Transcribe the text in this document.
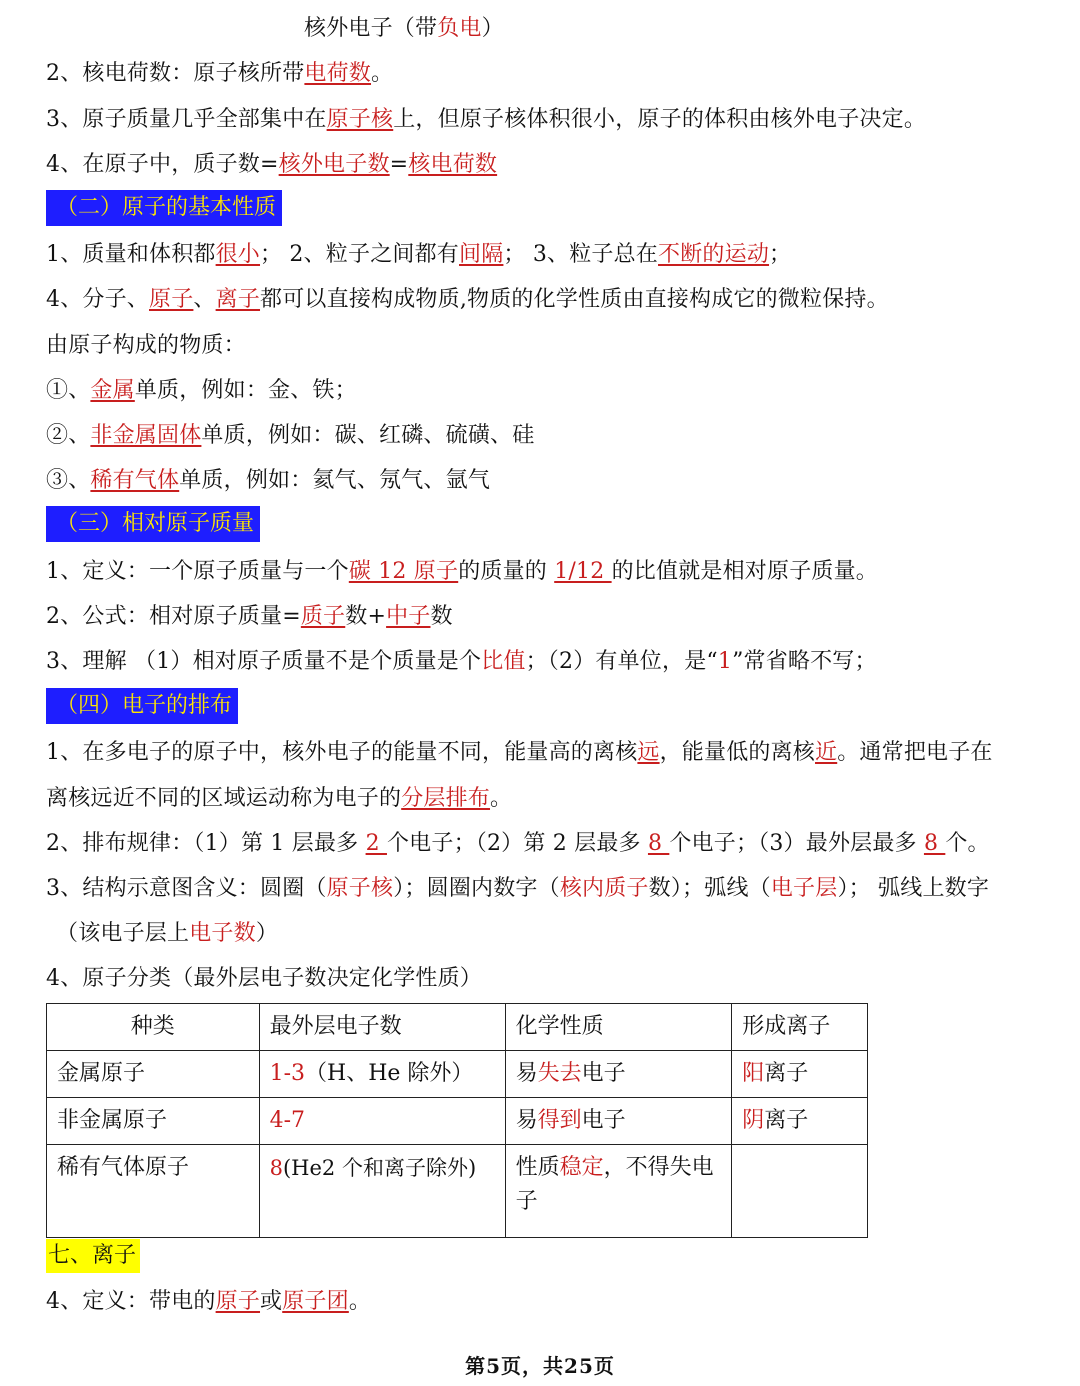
核外电子（带负电）
2、核电荷数：原子核所带电荷数。
3、原子质量几乎全部集中在原子核上，但原子核体积很小，原子的体积由核外电子决定。
4、在原子中，质子数=核外电子数=核电荷数
（二）原子的基本性质
1、质量和体积都很小； 2、粒子之间都有间隔； 3、粒子总在不断的运动；
4、分子、原子、离子都可以直接构成物质,物质的化学性质由直接构成它的微粒保持。
由原子构成的物质：
①、金属单质，例如：金、铁；
②、非金属固体单质，例如：碳、红磷、硫磺、硅
③、稀有气体单质，例如：氦气、氖气、氩气
（三）相对原子质量
1、定义：一个原子质量与一个碳 12 原子的质量的 1/12 的比值就是相对原子质量。
2、公式：相对原子质量=质子数+中子数
3、理解 （1）相对原子质量不是个质量是个比值；（2）有单位，是“1”常省略不写；
（四）电子的排布
1、在多电子的原子中，核外电子的能量不同，能量高的离核远，能量低的离核近。通常把电子在
离核远近不同的区域运动称为电子的分层排布。
2、排布规律：（1）第 1 层最多 2 个电子；（2）第 2 层最多 8 个电子；（3）最外层最多 8 个。
3、结构示意图含义：圆圈（原子核）；圆圈内数字（核内质子数）；弧线（电子层）； 弧线上数字
（该电子层上电子数）
4、原子分类（最外层电子数决定化学性质）
种类	最外层电子数	化学性质	形成离子
金属原子	1-3（H、He 除外）	易失去电子	阳离子
非金属原子	4-7	易得到电子	阴离子
稀有气体原子	8(He2 个和离子除外)	性质稳定，不得失电子	
七、离子
4、定义：带电的原子或原子团。
第5页，共25页
